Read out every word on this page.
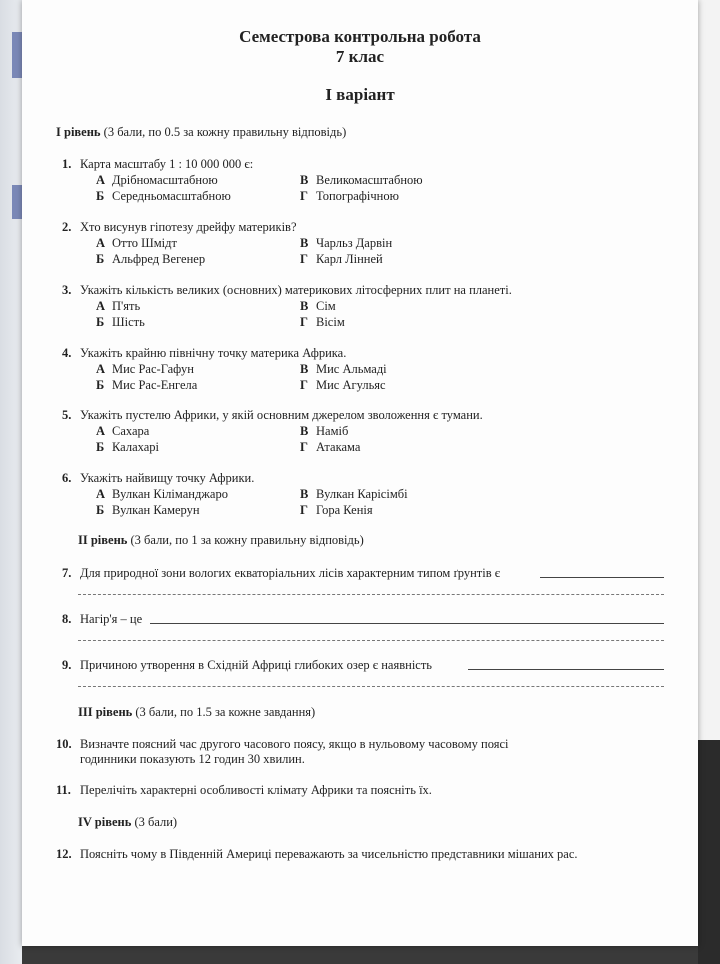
Семестрова контрольна робота
7 клас
І варіант
І рівень (3 бали, по 0.5 за кожну правильну відповідь)
1. Карта масштабу 1 : 10 000 000 є:
А Дрібномасштабною	В Великомасштабною
Б Середньомасштабною	Г Топографічною
2. Хто висунув гіпотезу дрейфу материків?
А Отто Шмідт	В Чарльз Дарвін
Б Альфред Вегенер	Г Карл Лінней
3. Укажіть кількість великих (основних) материкових літосферних плит на планеті.
А П'ять	В Сім
Б Шість	Г Вісім
4. Укажіть крайню північну точку материка Африка.
А Мис Рас-Гафун	В Мис Альмаді
Б Мис Рас-Енгела	Г Мис Агульяс
5. Укажіть пустелю Африки, у якій основним джерелом зволоження є тумани.
А Сахара	В Наміб
Б Калахарі	Г Атакама
6. Укажіть найвищу точку Африки.
А Вулкан Кіліманджаро	В Вулкан Карісімбі
Б Вулкан Камерун	Г Гора Кенія
ІІ рівень (3 бали, по 1 за кожну правильну відповідь)
7. Для природної зони вологих екваторіальних лісів характерним типом ґрунтів є
8. Нагір'я – це
9. Причиною утворення в Східній Африці глибоких озер є наявність
ІІІ рівень (3 бали, по 1.5 за кожне завдання)
10. Визначте поясний час другого часового поясу, якщо в нульовому часовому поясі
годинники показують 12 годин 30 хвилин.
11. Перелічіть характерні особливості клімату Африки та поясніть їх.
ІV рівень (3 бали)
12. Поясніть чому в Південній Америці переважають за чисельністю представники мішаних рас.
